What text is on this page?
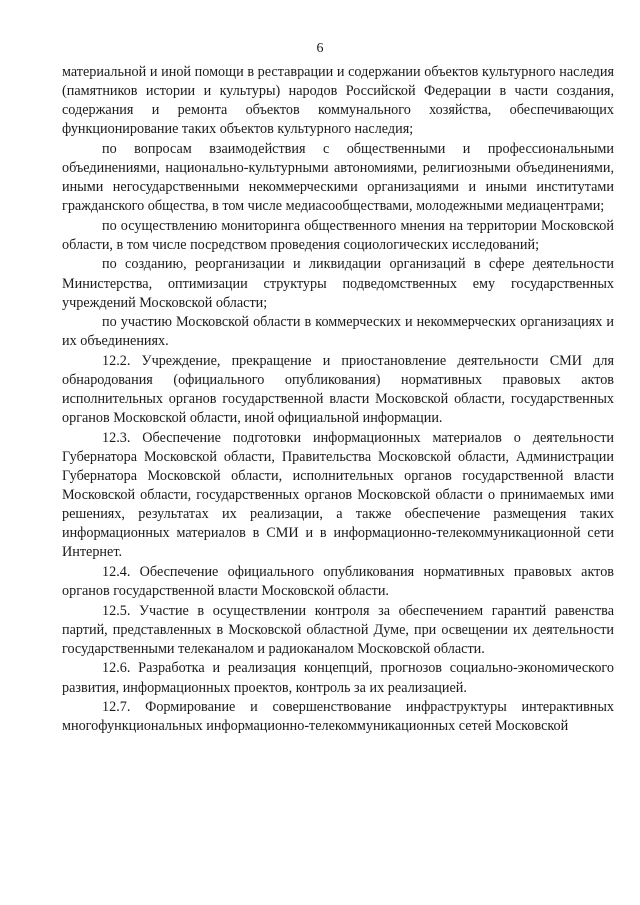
6

материальной и иной помощи в реставрации и содержании объектов культурного наследия (памятников истории и культуры) народов Российской Федерации в части создания, содержания и ремонта объектов коммунального хозяйства, обеспечивающих функционирование таких объектов культурного наследия;

по вопросам взаимодействия с общественными и профессиональными объединениями, национально-культурными автономиями, религиозными объединениями, иными негосударственными некоммерческими организациями и иными институтами гражданского общества, в том числе медиасообществами, молодежными медиацентрами;

по осуществлению мониторинга общественного мнения на территории Московской области, в том числе посредством проведения социологических исследований;

по созданию, реорганизации и ликвидации организаций в сфере деятельности Министерства, оптимизации структуры подведомственных ему государственных учреждений Московской области;

по участию Московской области в коммерческих и некоммерческих организациях и их объединениях.

12.2. Учреждение, прекращение и приостановление деятельности СМИ для обнародования (официального опубликования) нормативных правовых актов исполнительных органов государственной власти Московской области, государственных органов Московской области, иной официальной информации.

12.3. Обеспечение подготовки информационных материалов о деятельности Губернатора Московской области, Правительства Московской области, Администрации Губернатора Московской области, исполнительных органов государственной власти Московской области, государственных органов Московской области о принимаемых ими решениях, результатах их реализации, а также обеспечение размещения таких информационных материалов в СМИ и в информационно-телекоммуникационной сети Интернет.

12.4. Обеспечение официального опубликования нормативных правовых актов органов государственной власти Московской области.

12.5. Участие в осуществлении контроля за обеспечением гарантий равенства партий, представленных в Московской областной Думе, при освещении их деятельности государственными телеканалом и радиоканалом Московской области.

12.6. Разработка и реализация концепций, прогнозов социально-экономического развития, информационных проектов, контроль за их реализацией.

12.7. Формирование и совершенствование инфраструктуры интерактивных многофункциональных информационно-телекоммуникационных сетей Московской
